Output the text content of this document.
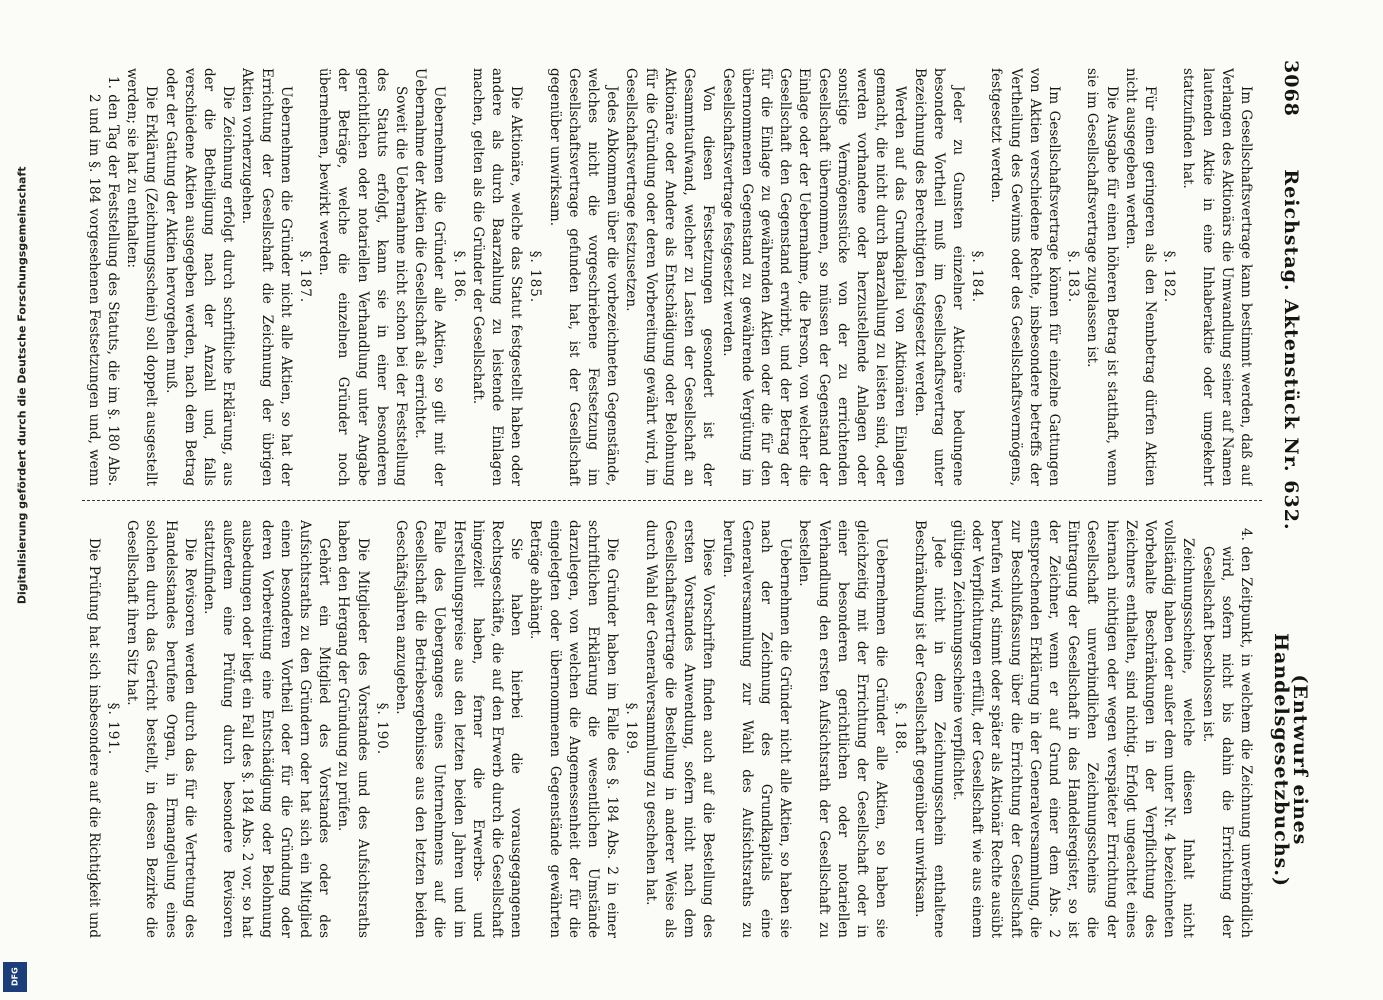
3068
Reichstag. Aktenstück Nr. 632.
(Entwurf eines Handelsgesetzbuchs.)

Im Gesellschaftsvertrage kann bestimmt werden, daß auf Verlangen des Aktionärs die Umwandlung seiner auf Namen lautenden Aktie in eine Inhaberaktie oder umgekehrt stattzufinden hat.

§. 182.

Für einen geringeren als den Nennbetrag dürfen Aktien nicht ausgegeben werden.

Die Ausgabe für einen höheren Betrag ist statthaft, wenn sie im Gesellschaftsvertrage zugelassen ist.

§. 183.

Im Gesellschaftsvertrage können für einzelne Gattungen von Aktien verschiedene Rechte, insbesondere betreffs der Vertheilung des Gewinns oder des Gesellschaftsvermögens, festgesetzt werden.

§. 184.

Jeder zu Gunsten einzelner Aktionäre bedungene besondere Vortheil muß im Gesellschaftsvertrag unter Bezeichnung des Berechtigten festgesetzt werden.

Werden auf das Grundkapital von Aktionären Einlagen gemacht, die nicht durch Baarzahlung zu leisten sind, oder werden vorhandene oder herzustellende Anlagen oder sonstige Vermögensstücke von der zu errichtenden Gesellschaft übernommen, so müssen der Gegenstand der Einlage oder der Uebernahme, die Person, von welcher die Gesellschaft den Gegenstand erwirbt, und der Betrag der für die Einlage zu gewährenden Aktien oder die für den übernommenen Gegenstand zu gewährende Vergütung im Gesellschaftsvertrage festgesetzt werden.

Von diesen Festsetzungen gesondert ist der Gesammtaufwand, welcher zu Lasten der Gesellschaft an Aktionäre oder Andere als Entschädigung oder Belohnung für die Gründung oder deren Vorbereitung gewährt wird, im Gesellschaftsvertrage festzusetzen.

Jedes Abkommen über die vorbezeichneten Gegenstände, welches nicht die vorgeschriebene Festsetzung im Gesellschaftsvertrage gefunden hat, ist der Gesellschaft gegenüber unwirksam.

§. 185.

Die Aktionäre, welche das Statut festgestellt haben oder andere als durch Baarzahlung zu leistende Einlagen machen, gelten als die Gründer der Gesellschaft.

§. 186.

Uebernehmen die Gründer alle Aktien, so gilt mit der Uebernahme der Aktien die Gesellschaft als errichtet.

Soweit die Uebernahme nicht schon bei der Feststellung des Statuts erfolgt, kann sie in einer besonderen gerichtlichen oder notariellen Verhandlung unter Angabe der Beträge, welche die einzelnen Gründer noch übernehmen, bewirkt werden.

§. 187.

Uebernehmen die Gründer nicht alle Aktien, so hat der Errichtung der Gesellschaft die Zeichnung der übrigen Aktien vorherzugehen.

Die Zeichnung erfolgt durch schriftliche Erklärung, aus der die Betheiligung nach der Anzahl und, falls verschiedene Aktien ausgegeben werden, nach dem Betrag oder der Gattung der Aktien hervorgehen muß.

Die Erklärung (Zeichnungsschein) soll doppelt ausgestellt werden; sie hat zu enthalten:

1. den Tag der Feststellung des Statuts, die im §. 180 Abs. 2 und im §. 184 vorgesehenen Festsetzungen und, wenn

4. den Zeitpunkt, in welchem die Zeichnung unverbindlich wird, sofern nicht bis dahin die Errichtung der Gesellschaft beschlossen ist.

Zeichnungsscheine, welche diesen Inhalt nicht vollständig haben oder außer dem unter Nr. 4 bezeichneten Vorbehalte Beschränkungen in der Verpflichtung des Zeichners enthalten, sind nichtig. Erfolgt ungeachtet eines hiernach nichtigen oder wegen verspäteter Errichtung der Gesellschaft unverbindlichen Zeichnungsscheins die Eintragung der Gesellschaft in das Handelsregister, so ist der Zeichner, wenn er auf Grund einer dem Abs. 2 entsprechenden Erklärung in der Generalversammlung, die zur Beschlußfassung über die Errichtung der Gesellschaft berufen wird, stimmt oder später als Aktionär Rechte ausübt oder Verpflichtungen erfüllt, der Gesellschaft wie aus einem gültigen Zeichnungsscheine verpflichtet.

Jede nicht in dem Zeichnungsschein enthaltene Beschränkung ist der Gesellschaft gegenüber unwirksam.

§. 188.

Uebernehmen die Gründer alle Aktien, so haben sie gleichzeitig mit der Errichtung der Gesellschaft oder in einer besonderen gerichtlichen oder notariellen Verhandlung den ersten Aufsichtsrath der Gesellschaft zu bestellen.

Uebernehmen die Gründer nicht alle Aktien, so haben sie nach der Zeichnung des Grundkapitals eine Generalversammlung zur Wahl des Aufsichtsraths zu berufen.

Diese Vorschriften finden auch auf die Bestellung des ersten Vorstandes Anwendung, sofern nicht nach dem Gesellschaftsvertrage die Bestellung in anderer Weise als durch Wahl der Generalversammlung zu geschehen hat.

§. 189.

Die Gründer haben im Falle des §. 184 Abs. 2 in einer schriftlichen Erklärung die wesentlichen Umstände darzulegen, von welchen die Angemessenheit der für die eingelegten oder übernommenen Gegenstände gewährten Beträge abhängt.

Sie haben hierbei die vorausgegangenen Rechtsgeschäfte, die auf den Erwerb durch die Gesellschaft hingezielt haben, ferner die Erwerbs- und Herstellungspreise aus den letzten beiden Jahren und im Falle des Ueberganges eines Unternehmens auf die Gesellschaft die Betriebsergebnisse aus den letzten beiden Geschäftsjahren anzugeben.

§. 190.

Die Mitglieder des Vorstandes und des Aufsichtsraths haben den Hergang der Gründung zu prüfen.

Gehört ein Mitglied des Vorstandes oder des Aufsichtsraths zu den Gründern oder hat sich ein Mitglied einen besonderen Vortheil oder für die Gründung oder deren Vorbereitung eine Entschädigung oder Belohnung ausbedungen oder liegt ein Fall des §. 184 Abs. 2 vor, so hat außerdem eine Prüfung durch besondere Revisoren stattzufinden.

Die Revisoren werden durch das für die Vertretung des Handelsstandes berufene Organ, in Ermangelung eines solchen durch das Gericht bestellt, in dessen Bezirke die Gesellschaft ihren Sitz hat.

§. 191.

Die Prüfung hat sich insbesondere auf die Richtigkeit und

Digitalisierung gefördert durch die Deutsche Forschungsgemeinschaft
DFG
